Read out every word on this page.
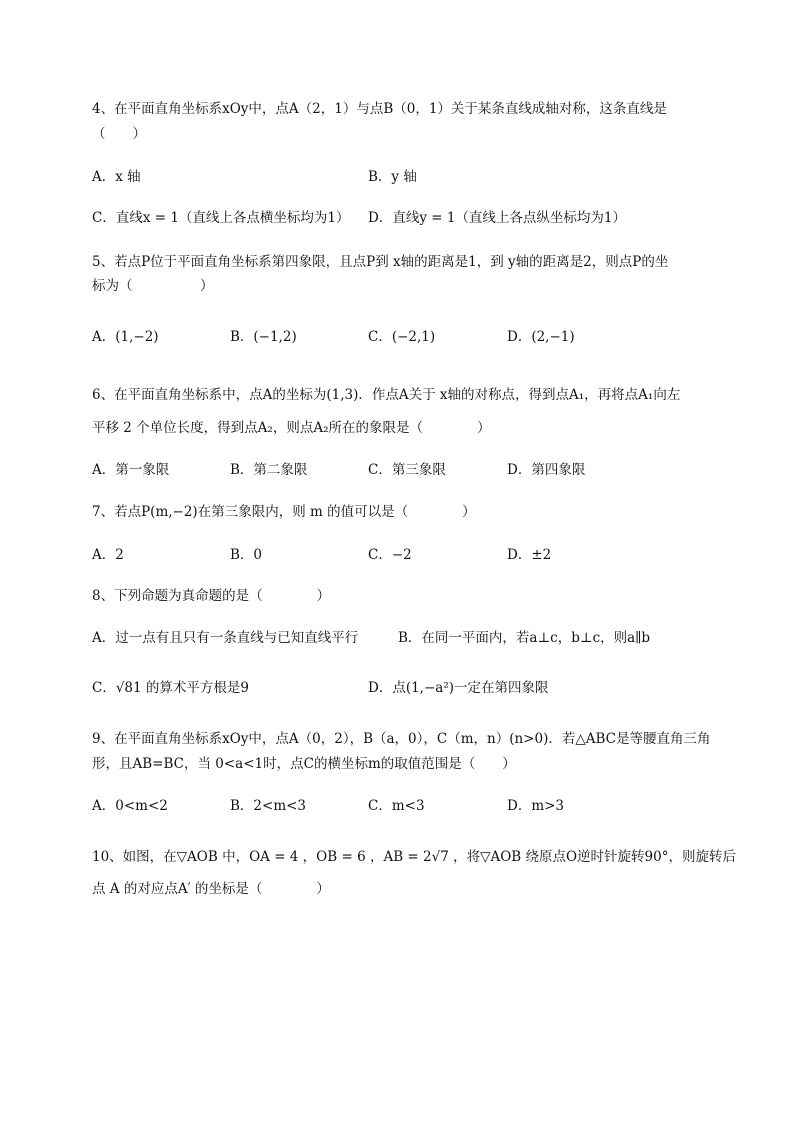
4、在平面直角坐标系xOy中，点A（2，1）与点B（0，1）关于某条直线成轴对称，这条直线是
（　　）
A．x 轴	B．y 轴
C．直线x = 1（直线上各点横坐标均为1） D．直线y = 1（直线上各点纵坐标均为1）
5、若点P位于平面直角坐标系第四象限，且点P到 x轴的距离是1，到 y轴的距离是2，则点P的坐
标为（　　　　　）
A．(1,−2)	B．(−1,2)	C．(−2,1)	D．(2,−1)
6、在平面直角坐标系中，点A的坐标为(1,3)．作点A关于 x轴的对称点，得到点A₁，再将点A₁向左
平移 2 个单位长度，得到点A₂，则点A₂所在的象限是（　　　　）
A．第一象限	B．第二象限	C．第三象限	D．第四象限
7、若点P(m,−2)在第三象限内，则 m 的值可以是（　　　　）
A．2	B．0	C．−2	D．±2
8、下列命题为真命题的是（　　　　）
A．过一点有且只有一条直线与已知直线平行	B．在同一平面内，若a⊥c，b⊥c，则a∥b
C．√81 的算术平方根是9	D．点(1,−a²)一定在第四象限
9、在平面直角坐标系xOy中，点A（0，2），B（a，0），C（m，n）(n>0)．若△ABC是等腰直角三角
形，且AB=BC，当 0<a<1时，点C的横坐标m的取值范围是（　　）
A．0<m<2	B．2<m<3	C．m<3	D．m>3
10、如图，在▽AOB 中，OA = 4 ，OB = 6 ，AB = 2√7 ，将▽AOB 绕原点O逆时针旋转90°，则旋转后
点 A 的对应点A′ 的坐标是（　　　　）
